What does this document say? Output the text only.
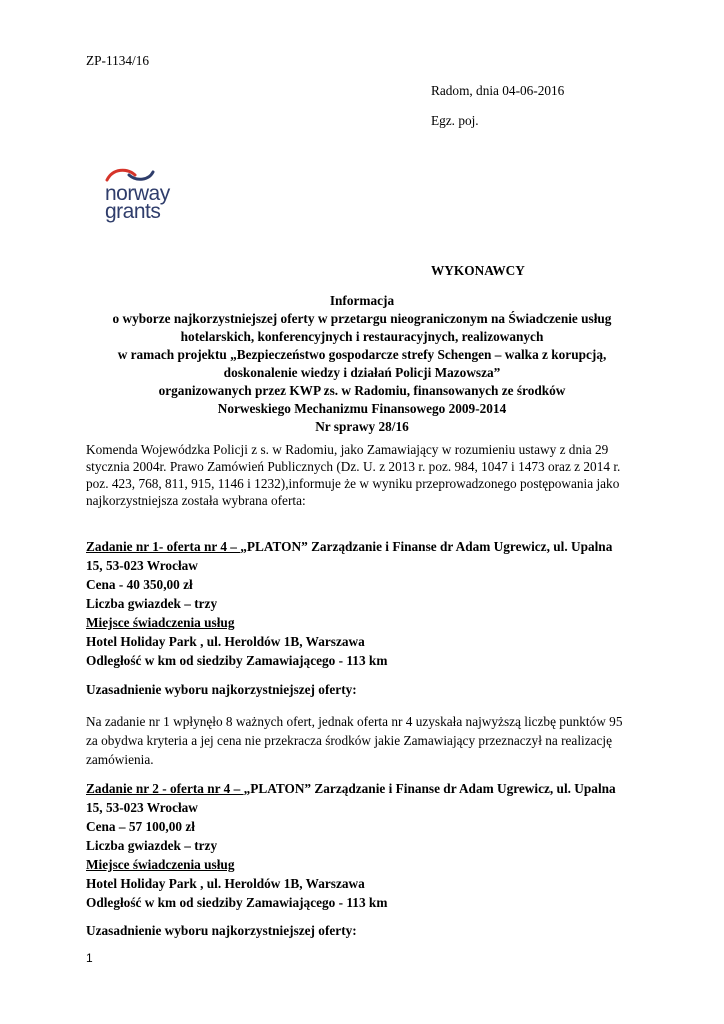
ZP-1134/16
Radom, dnia 04-06-2016
Egz. poj.
norway
grants
WYKONAWCY
Informacja
o wyborze najkorzystniejszej oferty w przetargu nieograniczonym na Świadczenie usług
hotelarskich, konferencyjnych i restauracyjnych, realizowanych
w ramach projektu „Bezpieczeństwo gospodarcze strefy Schengen – walka z korupcją,
doskonalenie wiedzy i działań Policji Mazowsza”
organizowanych przez KWP zs. w Radomiu, finansowanych ze środków
Norweskiego Mechanizmu Finansowego 2009-2014
Nr sprawy 28/16
Komenda Wojewódzka Policji z s. w Radomiu, jako Zamawiający w rozumieniu ustawy z dnia 29
stycznia 2004r. Prawo Zamówień Publicznych (Dz. U. z 2013 r. poz. 984, 1047 i 1473 oraz z 2014 r.
poz. 423, 768, 811, 915, 1146 i 1232),informuje że w wyniku przeprowadzonego postępowania jako
najkorzystniejsza została wybrana oferta:
Zadanie nr 1- oferta nr 4 – „PLATON” Zarządzanie i Finanse dr Adam Ugrewicz, ul. Upalna
15, 53-023 Wrocław
Cena - 40 350,00 zł
Liczba gwiazdek – trzy
Miejsce świadczenia usług
Hotel Holiday Park , ul. Heroldów 1B, Warszawa
Odległość w km od siedziby Zamawiającego - 113 km
Uzasadnienie wyboru najkorzystniejszej oferty:
Na zadanie nr 1 wpłynęło 8 ważnych ofert, jednak oferta nr 4 uzyskała najwyższą liczbę punktów 95
za obydwa kryteria a jej cena nie przekracza środków jakie Zamawiający przeznaczył na realizację
zamówienia.
Zadanie nr 2 - oferta nr 4 – „PLATON” Zarządzanie i Finanse dr Adam Ugrewicz, ul. Upalna
15, 53-023 Wrocław
Cena – 57 100,00 zł
Liczba gwiazdek – trzy
Miejsce świadczenia usług
Hotel Holiday Park , ul. Heroldów 1B, Warszawa
Odległość w km od siedziby Zamawiającego - 113 km
Uzasadnienie wyboru najkorzystniejszej oferty:
1
